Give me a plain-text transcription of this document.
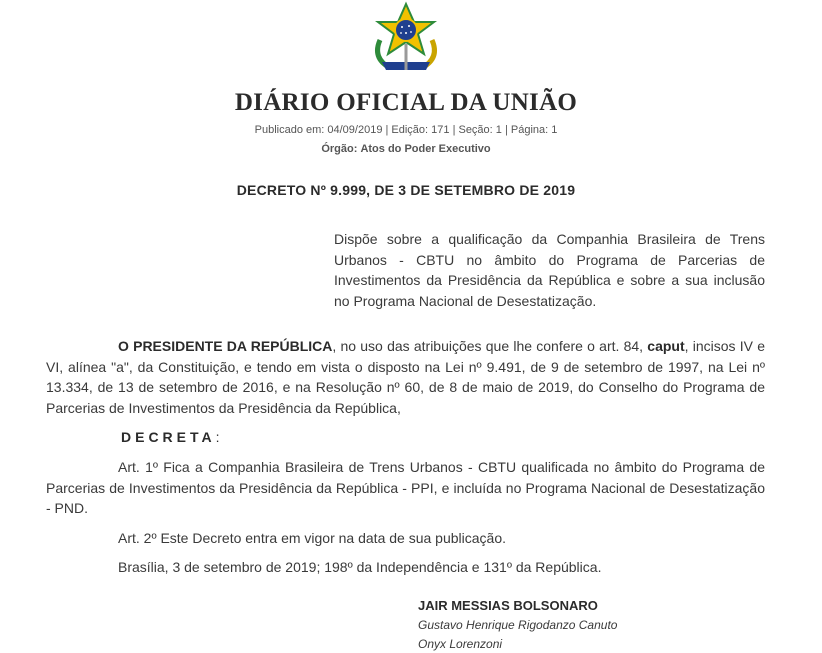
DIÁRIO OFICIAL DA UNIÃO
Publicado em: 04/09/2019 | Edição: 171 | Seção: 1 | Página: 1
Órgão: Atos do Poder Executivo
DECRETO Nº 9.999, DE 3 DE SETEMBRO DE 2019
Dispõe sobre a qualificação da Companhia Brasileira de Trens Urbanos - CBTU no âmbito do Programa de Parcerias de Investimentos da Presidência da República e sobre a sua inclusão no Programa Nacional de Desestatização.

O PRESIDENTE DA REPÚBLICA, no uso das atribuições que lhe confere o art. 84, caput, incisos IV e VI, alínea "a", da Constituição, e tendo em vista o disposto na Lei nº 9.491, de 9 de setembro de 1997, na Lei nº 13.334, de 13 de setembro de 2016, e na Resolução nº 60, de 8 de maio de 2019, do Conselho do Programa de Parcerias de Investimentos da Presidência da República,

DECRETA:

Art. 1º Fica a Companhia Brasileira de Trens Urbanos - CBTU qualificada no âmbito do Programa de Parcerias de Investimentos da Presidência da República - PPI, e incluída no Programa Nacional de Desestatização - PND.

Art. 2º Este Decreto entra em vigor na data de sua publicação.

Brasília, 3 de setembro de 2019; 198º da Independência e 131º da República.

JAIR MESSIAS BOLSONARO
Gustavo Henrique Rigodanzo Canuto
Onyx Lorenzoni
